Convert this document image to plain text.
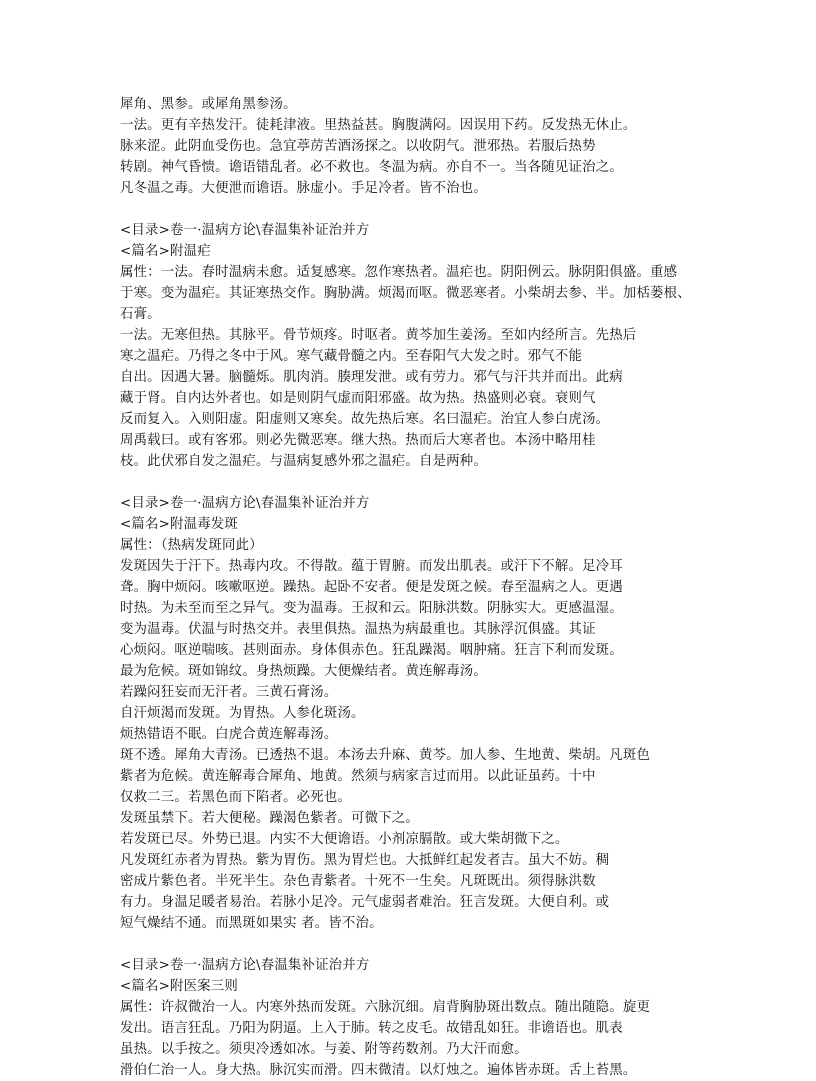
犀角、黑参。或犀角黑参汤。
一法。更有辛热发汗。徒耗津液。里热益甚。胸腹满闷。因误用下药。反发热无休止。
脉来涩。此阴血受伤也。急宜葶苈苦酒汤探之。以收阴气。泄邪热。若服后热势
转剧。神气昏愦。谵语错乱者。必不救也。冬温为病。亦自不一。当各随见证治之。
凡冬温之毒。大便泄而谵语。脉虚小。手足冷者。皆不治也。
<目录>卷一·温病方论\春温集补证治并方
<篇名>附温疟
属性：一法。春时温病未愈。适复感寒。忽作寒热者。温疟也。阴阳例云。脉阴阳俱盛。重感
于寒。变为温疟。其证寒热交作。胸胁满。烦渴而呕。微恶寒者。小柴胡去参、半。加栝蒌根、
石膏。
一法。无寒但热。其脉平。骨节烦疼。时呕者。黄芩加生姜汤。至如内经所言。先热后
寒之温疟。乃得之冬中于风。寒气藏骨髓之内。至春阳气大发之时。邪气不能
自出。因遇大暑。脑髓烁。肌肉消。腠理发泄。或有劳力。邪气与汗共并而出。此病
藏于肾。自内达外者也。如是则阴气虚而阳邪盛。故为热。热盛则必衰。衰则气
反而复入。入则阳虚。阳虚则又寒矣。故先热后寒。名曰温疟。治宜人参白虎汤。
周禹载曰。或有客邪。则必先微恶寒。继大热。热而后大寒者也。本汤中略用桂
枝。此伏邪自发之温疟。与温病复感外邪之温疟。自是两种。
<目录>卷一·温病方论\春温集补证治并方
<篇名>附温毒发斑
属性：（热病发斑同此）
发斑因失于汗下。热毒内攻。不得散。蕴于胃腑。而发出肌表。或汗下不解。足冷耳
聋。胸中烦闷。咳嗽呕逆。躁热。起卧不安者。便是发斑之候。春至温病之人。更遇
时热。为未至而至之异气。变为温毒。王叔和云。阳脉洪数。阴脉实大。更感温湿。
变为温毒。伏温与时热交并。表里俱热。温热为病最重也。其脉浮沉俱盛。其证
心烦闷。呕逆喘咳。甚则面赤。身体俱赤色。狂乱躁渴。咽肿痛。狂言下利而发斑。
最为危候。斑如锦纹。身热烦躁。大便燥结者。黄连解毒汤。
若躁闷狂妄而无汗者。三黄石膏汤。
自汗烦渴而发斑。为胃热。人参化斑汤。
烦热错语不眠。白虎合黄连解毒汤。
斑不透。犀角大青汤。已透热不退。本汤去升麻、黄芩。加人参、生地黄、柴胡。凡斑色
紫者为危候。黄连解毒合犀角、地黄。然须与病家言过而用。以此证虽药。十中
仅救二三。若黑色而下陷者。必死也。
发斑虽禁下。若大便秘。躁渴色紫者。可微下之。
若发斑已尽。外势已退。内实不大便谵语。小剂凉膈散。或大柴胡微下之。
凡发斑红赤者为胃热。紫为胃伤。黑为胃烂也。大抵鲜红起发者吉。虽大不妨。稠
密成片紫色者。半死半生。杂色青紫者。十死不一生矣。凡斑既出。须得脉洪数
有力。身温足暖者易治。若脉小足冷。元气虚弱者难治。狂言发斑。大便自利。或
短气燥结不通。而黑斑如果实 者。皆不治。
<目录>卷一·温病方论\春温集补证治并方
<篇名>附医案三则
属性：许叔微治一人。内寒外热而发斑。六脉沉细。肩背胸胁斑出数点。随出随隐。旋更
发出。语言狂乱。乃阳为阴逼。上入于肺。转之皮毛。故错乱如狂。非谵语也。肌表
虽热。以手按之。须臾冷透如冰。与姜、附等药数剂。乃大汗而愈。
滑伯仁治一人。身大热。脉沉实而滑。四末微清。以灯烛之。遍体皆赤斑。舌上苔黑。
